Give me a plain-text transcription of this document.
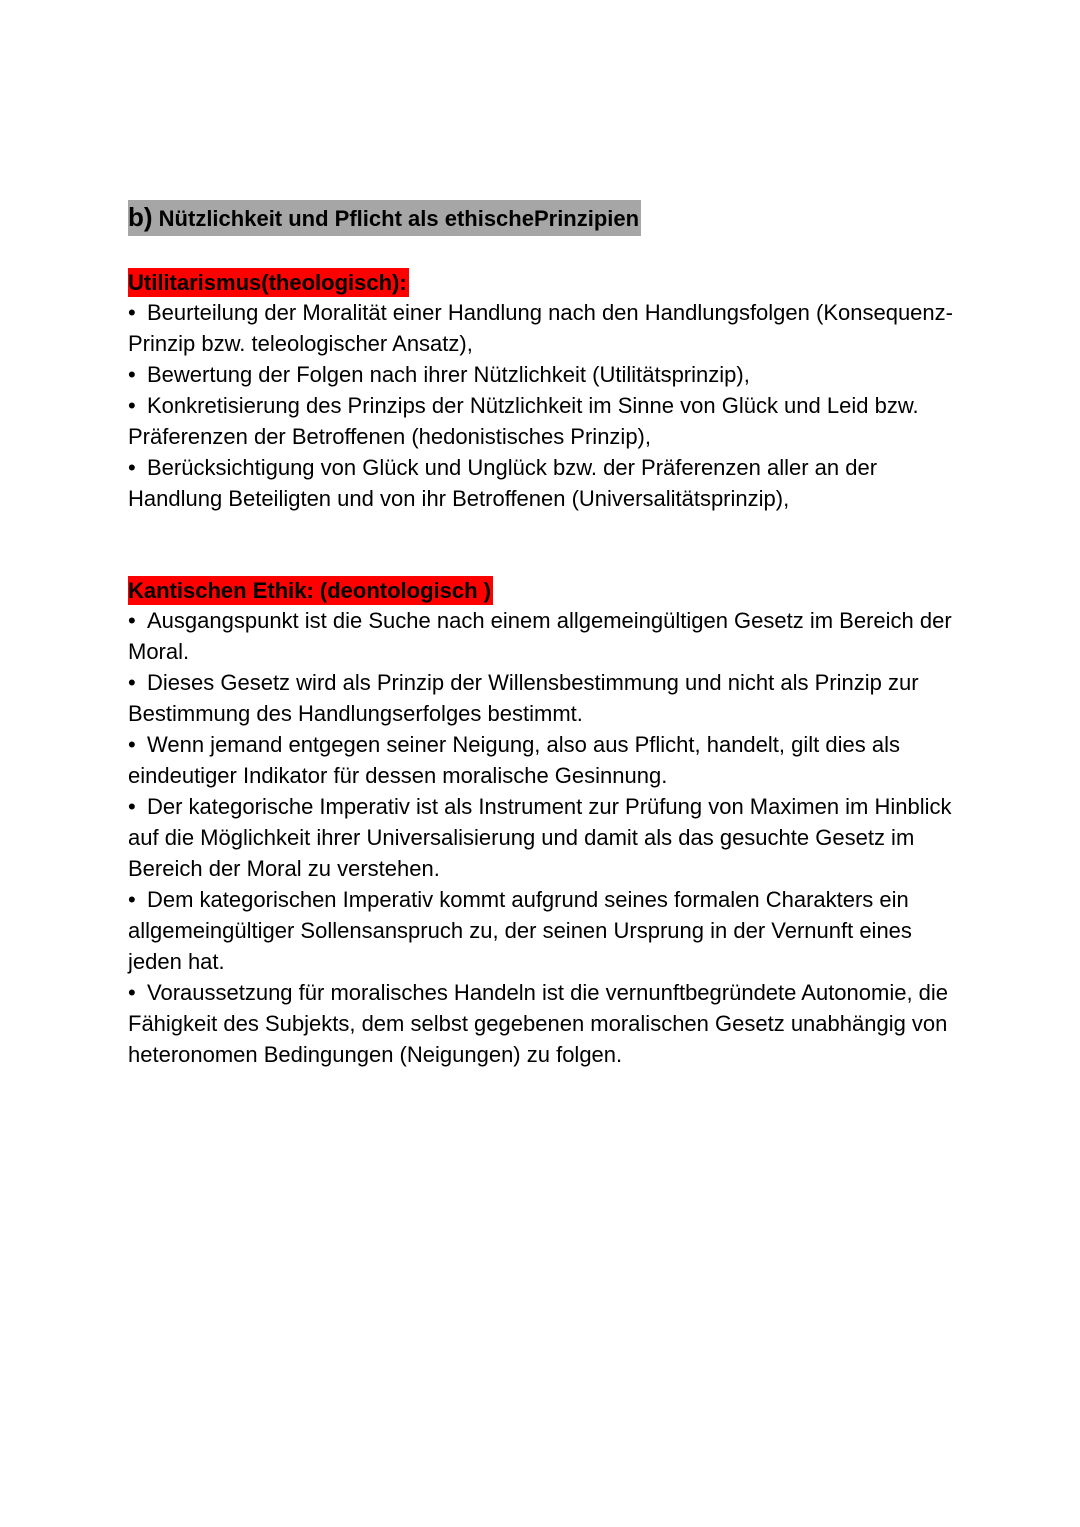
b) Nützlichkeit und Pflicht als ethischePrinzipien
Utilitarismus(theologisch):
• Beurteilung der Moralität einer Handlung nach den Handlungsfolgen (Konsequenz-Prinzip bzw. teleologischer Ansatz),
• Bewertung der Folgen nach ihrer Nützlichkeit (Utilitätsprinzip),
• Konkretisierung des Prinzips der Nützlichkeit im Sinne von Glück und Leid bzw. Präferenzen der Betroffenen (hedonistisches Prinzip),
• Berücksichtigung von Glück und Unglück bzw. der Präferenzen aller an der Handlung Beteiligten und von ihr Betroffenen (Universalitätsprinzip),
Kantischen Ethik: (deontologisch )
• Ausgangspunkt ist die Suche nach einem allgemeingültigen Gesetz im Bereich der Moral.
• Dieses Gesetz wird als Prinzip der Willensbestimmung und nicht als Prinzip zur Bestimmung des Handlungserfolges bestimmt.
• Wenn jemand entgegen seiner Neigung, also aus Pflicht, handelt, gilt dies als eindeutiger Indikator für dessen moralische Gesinnung.
• Der kategorische Imperativ ist als Instrument zur Prüfung von Maximen im Hinblick auf die Möglichkeit ihrer Universalisierung und damit als das gesuchte Gesetz im Bereich der Moral zu verstehen.
• Dem kategorischen Imperativ kommt aufgrund seines formalen Charakters ein allgemeingültiger Sollensanspruch zu, der seinen Ursprung in der Vernunft eines jeden hat.
• Voraussetzung für moralisches Handeln ist die vernunftbegründete Autonomie, die Fähigkeit des Subjekts, dem selbst gegebenen moralischen Gesetz unabhängig von heteronomen Bedingungen (Neigungen) zu folgen.
